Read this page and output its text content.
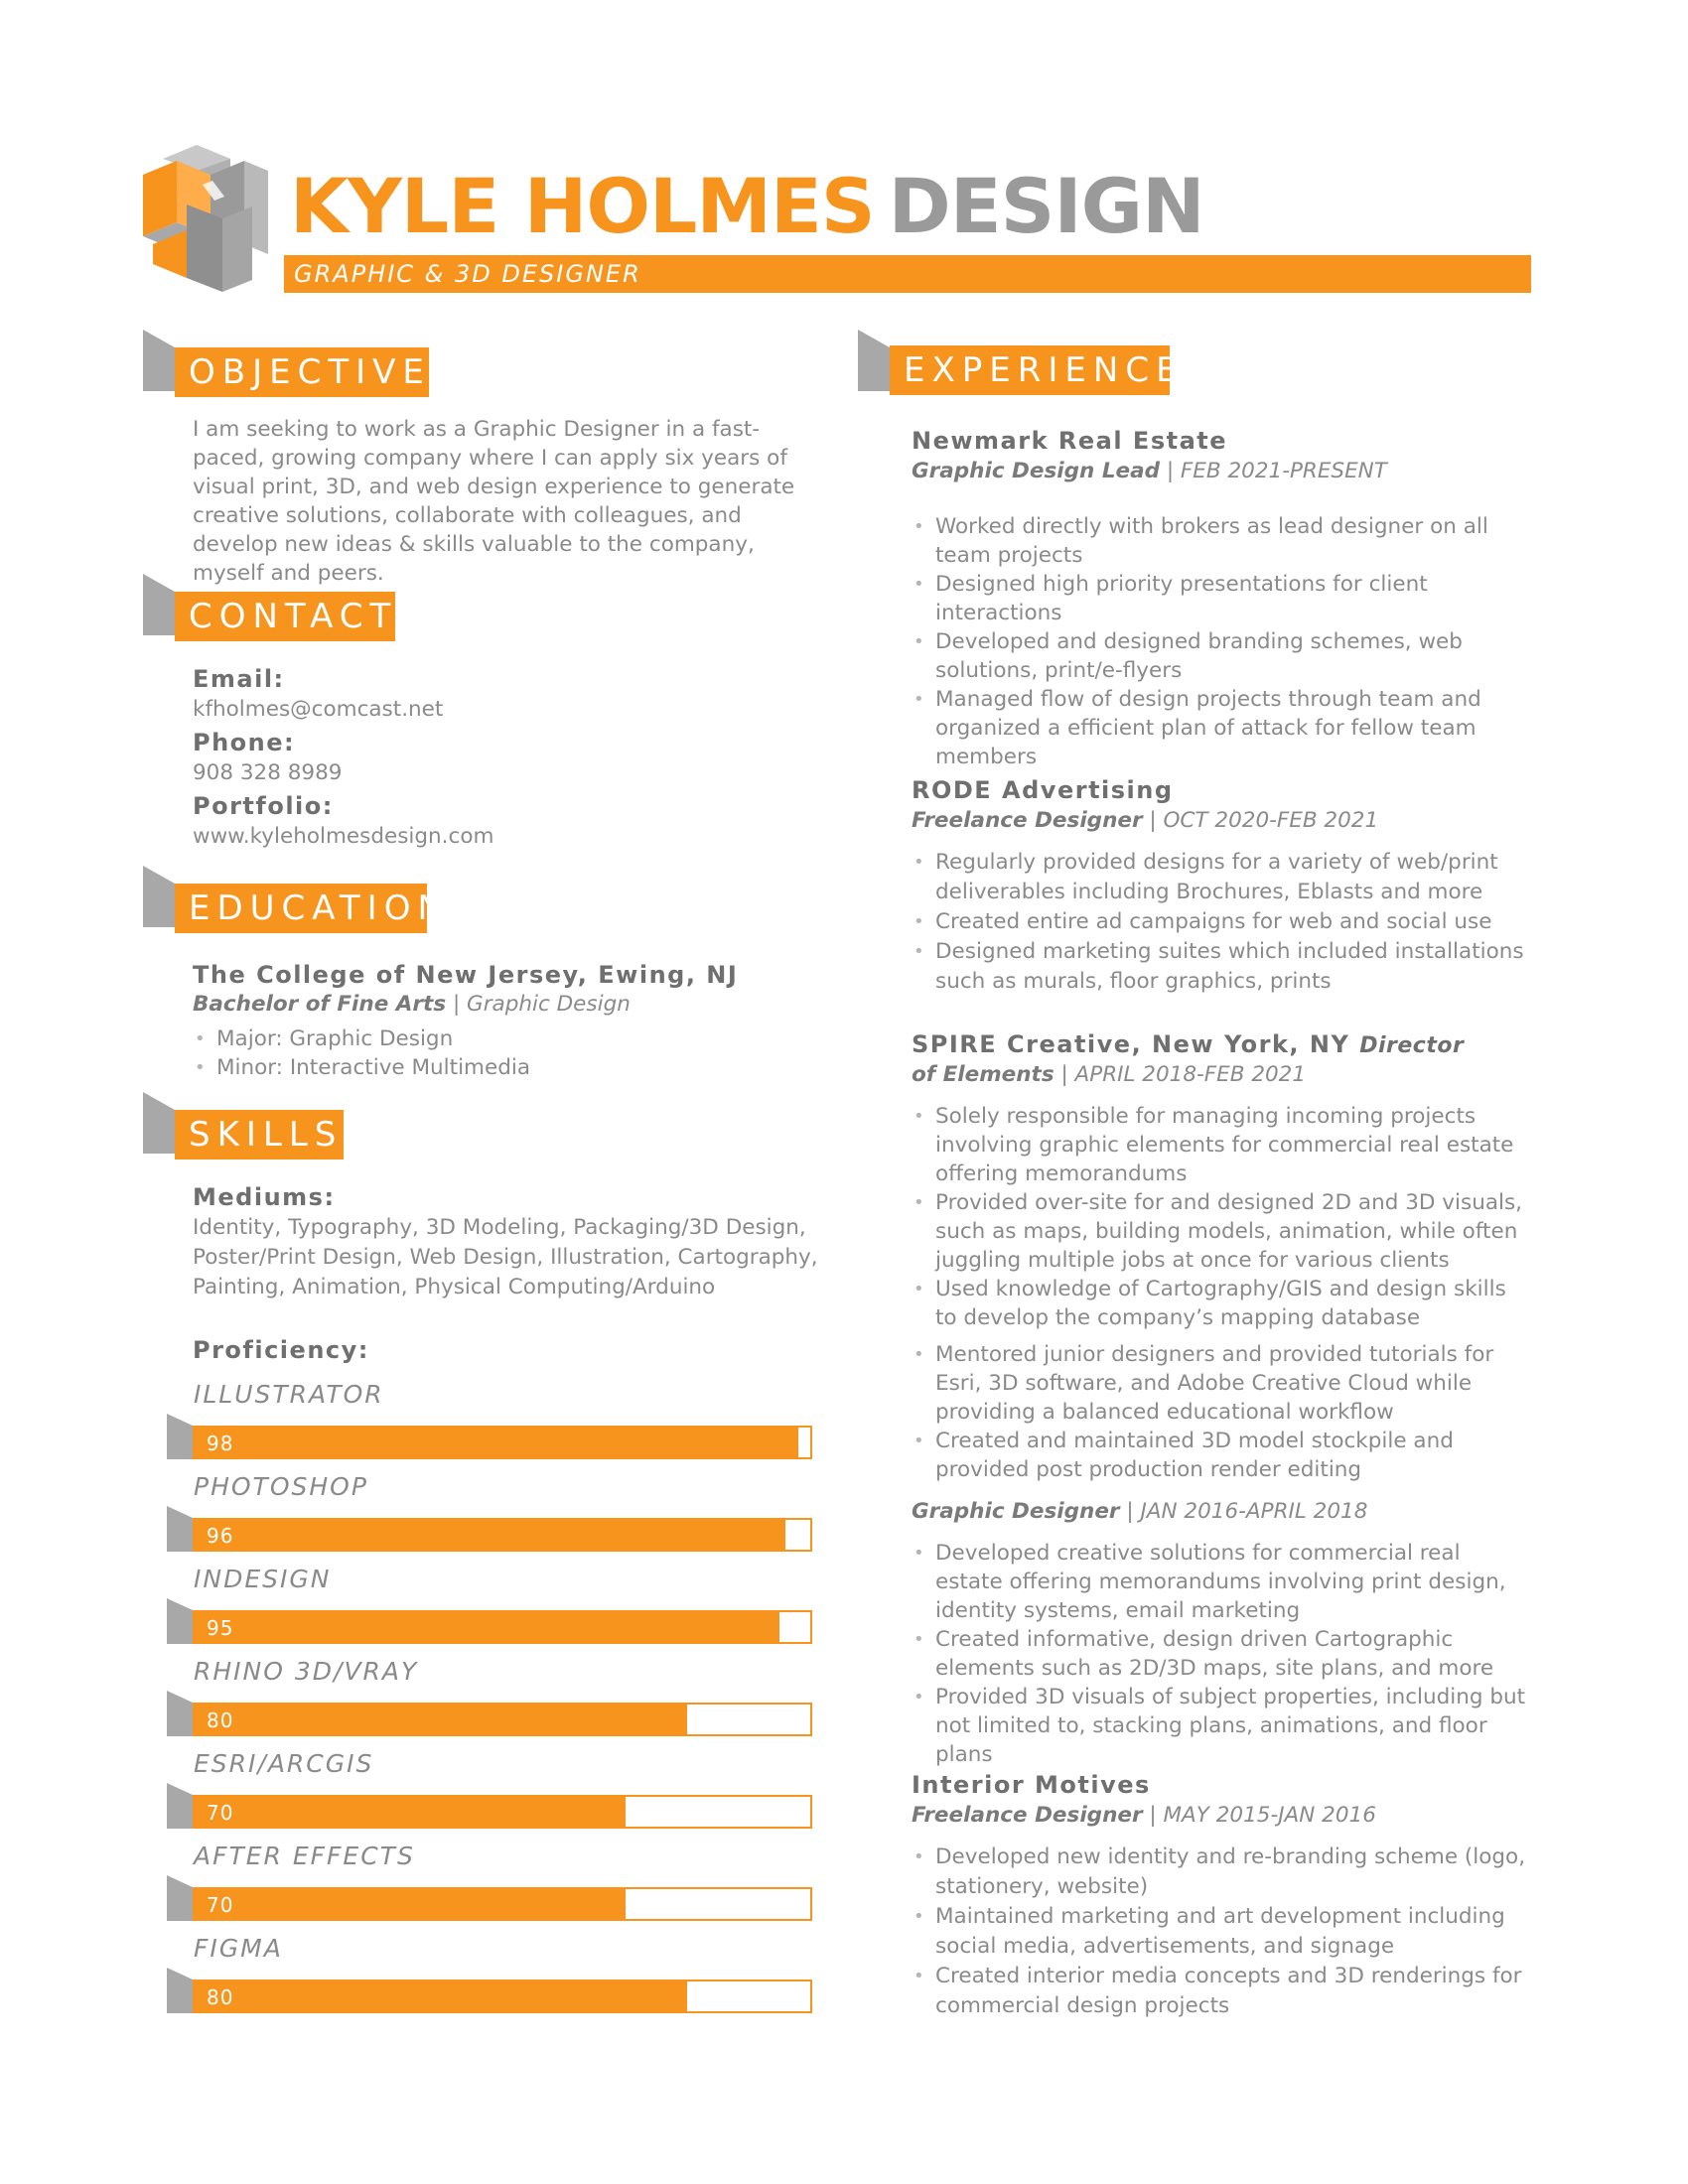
KYLE HOLMES DESIGN
GRAPHIC & 3D DESIGNER
OBJECTIVE
I am seeking to work as a Graphic Designer in a fast-paced, growing company where I can apply six years of visual print, 3D, and web design experience to generate creative solutions, collaborate with colleagues, and develop new ideas & skills valuable to the company, myself and peers.
CONTACT
Email:
kfholmes@comcast.net
Phone:
908 328 8989
Portfolio:
www.kyleholmesdesign.com
EDUCATION
The College of New Jersey, Ewing, NJ
Bachelor of Fine Arts | Graphic Design
• Major: Graphic Design
• Minor: Interactive Multimedia
SKILLS
Mediums:
Identity, Typography, 3D Modeling, Packaging/3D Design, Poster/Print Design, Web Design, Illustration, Cartography, Painting, Animation, Physical Computing/Arduino
Proficiency:
ILLUSTRATOR
98
PHOTOSHOP
96
INDESIGN
95
RHINO 3D/VRAY
80
ESRI/ARCGIS
70
AFTER EFFECTS
70
FIGMA
80
EXPERIENCE
Newmark Real Estate
Graphic Design Lead | FEB 2021-PRESENT
• Worked directly with brokers as lead designer on all team projects
• Designed high priority presentations for client interactions
• Developed and designed branding schemes, web solutions, print/e-flyers
• Managed flow of design projects through team and organized a efficient plan of attack for fellow team members
RODE Advertising
Freelance Designer | OCT 2020-FEB 2021
• Regularly provided designs for a variety of web/print deliverables including Brochures, Eblasts and more
• Created entire ad campaigns for web and social use
• Designed marketing suites which included installations such as murals, floor graphics, prints
SPIRE Creative, New York, NY Director
of Elements | APRIL 2018-FEB 2021
• Solely responsible for managing incoming projects involving graphic elements for commercial real estate offering memorandums
• Provided over-site for and designed 2D and 3D visuals, such as maps, building models, animation, while often juggling multiple jobs at once for various clients
• Used knowledge of Cartography/GIS and design skills to develop the company’s mapping database
• Mentored junior designers and provided tutorials for Esri, 3D software, and Adobe Creative Cloud while providing a balanced educational workflow
• Created and maintained 3D model stockpile and provided post production render editing
Graphic Designer | JAN 2016-APRIL 2018
• Developed creative solutions for commercial real estate offering memorandums involving print design, identity systems, email marketing
• Created informative, design driven Cartographic elements such as 2D/3D maps, site plans, and more
• Provided 3D visuals of subject properties, including but not limited to, stacking plans, animations, and floor plans
Interior Motives
Freelance Designer | MAY 2015-JAN 2016
• Developed new identity and re-branding scheme (logo, stationery, website)
• Maintained marketing and art development including social media, advertisements, and signage
• Created interior media concepts and 3D renderings for commercial design projects
